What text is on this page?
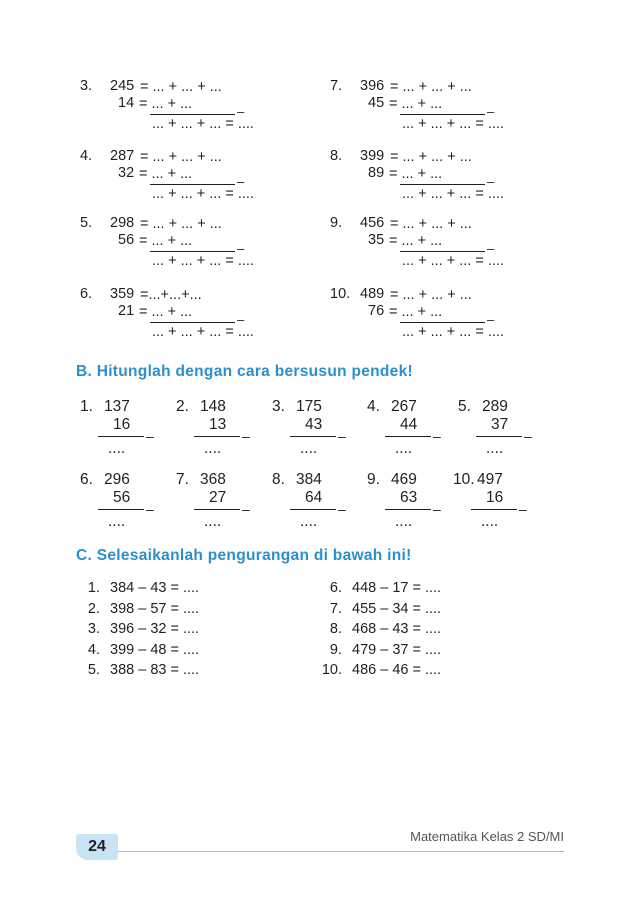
3. 245 = ... + ... + ...
14 = ... + ...	–
... + ... + ... = ....
4. 287 = ... + ... + ...
32 = ... + ...	–
... + ... + ... = ....
5. 298 = ... + ... + ...
56 = ... + ...	–
... + ... + ... = ....
6. 359 =...+...+...
21 = ... + ...	–
... + ... + ... = ....
7. 396 = ... + ... + ...
45 = ... + ...	–
... + ... + ... = ....
8. 399 = ... + ... + ...
89 = ... + ...	–
... + ... + ... = ....
9. 456 = ... + ... + ...
35 = ... + ...	–
... + ... + ... = ....
10. 489 = ... + ... + ...
76 = ... + ...	–
... + ... + ... = ....
B. Hitunglah dengan cara bersusun pendek!
1. 137
16
–
....
2. 148
13
–
....
3. 175
43
–
....
4. 267
44
–
....
5. 289
37
–
....
6. 296
56
–
....
7. 368
27
–
....
8. 384
64
–
....
9. 469
63
–
....
10. 497
16
–
....
C. Selesaikanlah pengurangan di bawah ini!
1. 384 – 43 = ....
2. 398 – 57 = ....
3. 396 – 32 = ....
4. 399 – 48 = ....
5. 388 – 83 = ....
6. 448 – 17 = ....
7. 455 – 34 = ....
8. 468 – 43 = ....
9. 479 – 37 = ....
10. 486 – 46 = ....
24
Matematika Kelas 2 SD/MI
